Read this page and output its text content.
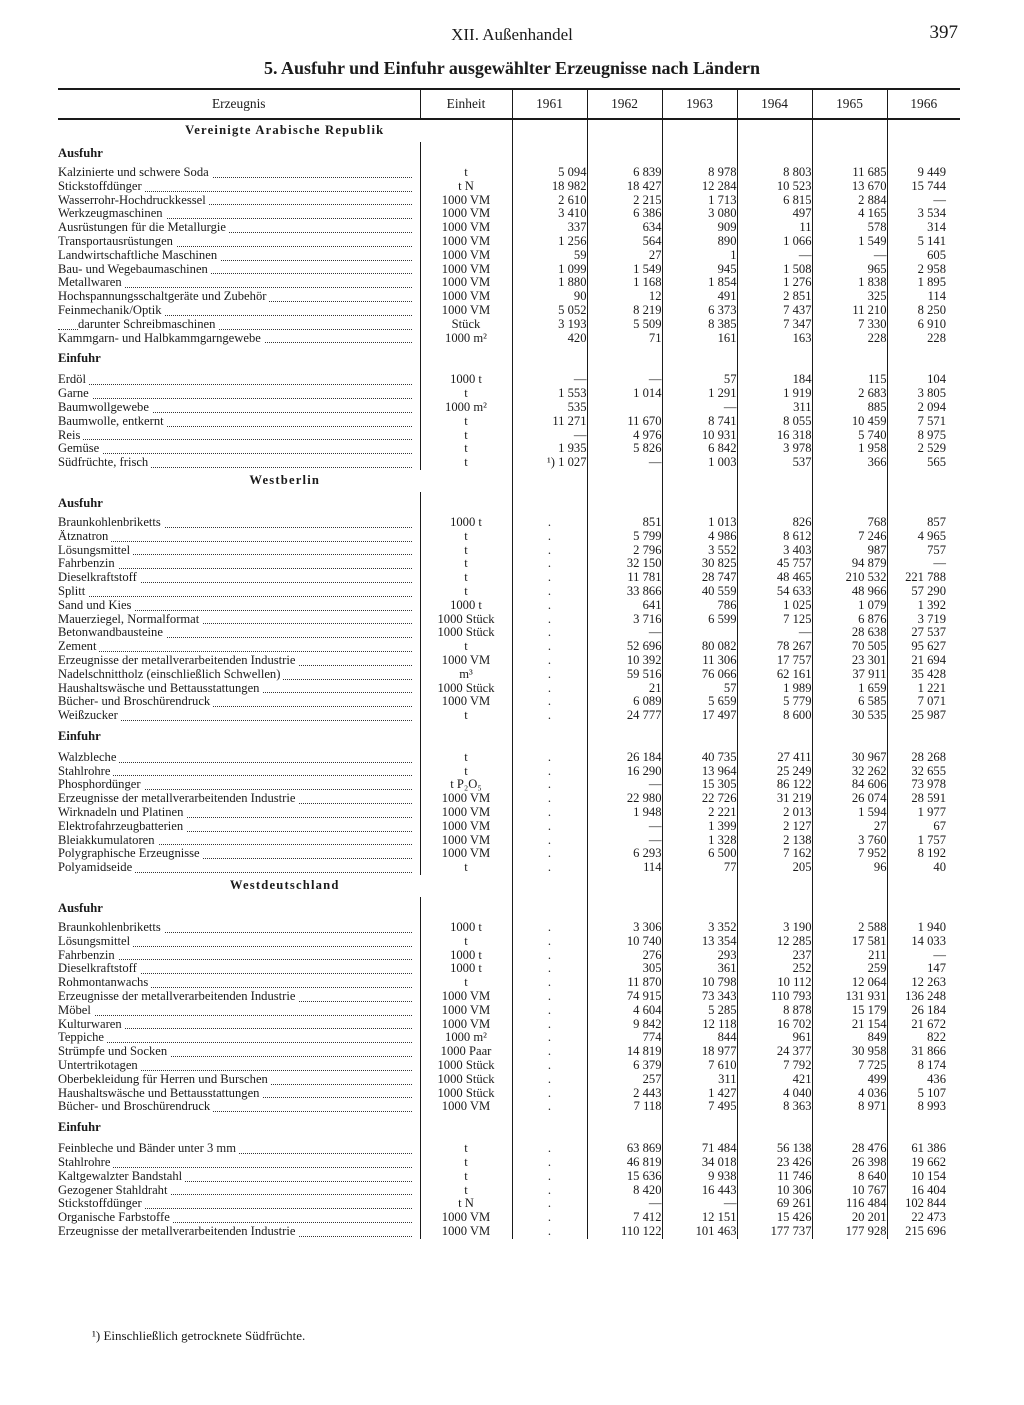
XII. Außenhandel	397
5. Ausfuhr und Einfuhr ausgewählter Erzeugnisse nach Ländern
Erzeugnis	Einheit	1961	1962	1963	1964	1965	1966
Vereinigte Arabische Republik							
Ausfuhr							

Kalzinierte und schwere Soda	t	5 094	6 839	8 978	8 803	11 685	9 449

Stickstoffdünger	t N	18 982	18 427	12 284	10 523	13 670	15 744

Wasserrohr-Hochdruckkessel	1000 VM	2 610	2 215	1 713	6 815	2 884	—

Werkzeugmaschinen	1000 VM	3 410	6 386	3 080	497	4 165	3 534

Ausrüstungen für die Metallurgie	1000 VM	337	634	909	11	578	314

Transportausrüstungen	1000 VM	1 256	564	890	1 066	1 549	5 141

Landwirtschaftliche Maschinen	1000 VM	59	27	1	—	—	605

Bau- und Wegebaumaschinen	1000 VM	1 099	1 549	945	1 508	965	2 958

Metallwaren	1000 VM	1 880	1 168	1 854	1 276	1 838	1 895

Hochspannungsschaltgeräte und Zubehör	1000 VM	90	12	491	2 851	325	114

Feinmechanik/Optik	1000 VM	5 052	8 219	6 373	7 437	11 210	8 250

darunter Schreibmaschinen	Stück	3 193	5 509	8 385	7 347	7 330	6 910

Kammgarn- und Halbkammgarngewebe	1000 m²	420	71	161	163	228	228
Einfuhr							

Erdöl	1000 t	—	—	57	184	115	104

Garne	t	1 553	1 014	1 291	1 919	2 683	3 805

Baumwollgewebe	1000 m²	535		—	311	885	2 094

Baumwolle, entkernt	t	11 271	11 670	8 741	8 055	10 459	7 571

Reis	t	—	4 976	10 931	16 318	5 740	8 975

Gemüse	t	1 935	5 826	6 842	3 978	1 958	2 529

Südfrüchte, frisch	t	¹) 1 027	—	1 003	537	366	565
Westberlin							
Ausfuhr							

Braunkohlenbriketts	1000 t	.	851	1 013	826	768	857

Ätznatron	t	.	5 799	4 986	8 612	7 246	4 965

Lösungsmittel	t	.	2 796	3 552	3 403	987	757

Fahrbenzin	t	.	32 150	30 825	45 757	94 879	—

Dieselkraftstoff	t	.	11 781	28 747	48 465	210 532	221 788

Splitt	t	.	33 866	40 559	54 633	48 966	57 290

Sand und Kies	1000 t	.	641	786	1 025	1 079	1 392

Mauerziegel, Normalformat	1000 Stück	.	3 716	6 599	7 125	6 876	3 719

Betonwandbausteine	1000 Stück	.	—		—	28 638	27 537

Zement	t	.	52 696	80 082	78 267	70 505	95 627

Erzeugnisse der metallverarbeitenden Industrie	1000 VM	.	10 392	11 306	17 757	23 301	21 694

Nadelschnittholz (einschließlich Schwellen)	m³	.	59 516	76 066	62 161	37 911	35 428

Haushaltswäsche und Bettausstattungen	1000 Stück	.	21	57	1 989	1 659	1 221

Bücher- und Broschürendruck	1000 VM	.	6 089	5 659	5 779	6 585	7 071

Weißzucker	t	.	24 777	17 497	8 600	30 535	25 987
Einfuhr							

Walzbleche	t	.	26 184	40 735	27 411	30 967	28 268

Stahlrohre	t	.	16 290	13 964	25 249	32 262	32 655

Phosphordünger	t P₂O₅	.	—	15 305	86 122	84 606	73 978

Erzeugnisse der metallverarbeitenden Industrie	1000 VM	.	22 980	22 726	31 219	26 074	28 591

Wirknadeln und Platinen	1000 VM	.	1 948	2 221	2 013	1 594	1 977

Elektrofahrzeugbatterien	1000 VM	.	—	1 399	2 127	27	67

Bleiakkumulatoren	1000 VM	.	—	1 328	2 138	3 760	1 757

Polygraphische Erzeugnisse	1000 VM	.	6 293	6 500	7 162	7 952	8 192

Polyamidseide	t	.	114	77	205	96	40
Westdeutschland							
Ausfuhr							

Braunkohlenbriketts	1000 t	.	3 306	3 352	3 190	2 588	1 940

Lösungsmittel	t	.	10 740	13 354	12 285	17 581	14 033

Fahrbenzin	1000 t	.	276	293	237	211	—

Dieselkraftstoff	1000 t	.	305	361	252	259	147

Rohmontanwachs	t	.	11 870	10 798	10 112	12 064	12 263

Erzeugnisse der metallverarbeitenden Industrie	1000 VM	.	74 915	73 343	110 793	131 931	136 248

Möbel	1000 VM	.	4 604	5 285	8 878	15 179	26 184

Kulturwaren	1000 VM	.	9 842	12 118	16 702	21 154	21 672

Teppiche	1000 m²	.	774	844	961	849	822

Strümpfe und Socken	1000 Paar	.	14 819	18 977	24 377	30 958	31 866

Untertrikotagen	1000 Stück	.	6 379	7 610	7 792	7 725	8 174

Oberbekleidung für Herren und Burschen	1000 Stück	.	257	311	421	499	436

Haushaltswäsche und Bettausstattungen	1000 Stück	.	2 443	1 427	4 040	4 036	5 107

Bücher- und Broschürendruck	1000 VM	.	7 118	7 495	8 363	8 971	8 993
Einfuhr							

Feinbleche und Bänder unter 3 mm	t	.	63 869	71 484	56 138	28 476	61 386

Stahlrohre	t	.	46 819	34 018	23 426	26 398	19 662

Kaltgewalzter Bandstahl	t	.	15 636	9 938	11 746	8 640	10 154

Gezogener Stahldraht	t	.	8 420	16 443	10 306	10 767	16 404

Stickstoffdünger	t N	.	—	—	69 261	116 484	102 844

Organische Farbstoffe	1000 VM	.	7 412	12 151	15 426	20 201	22 473

Erzeugnisse der metallverarbeitenden Industrie	1000 VM	.	110 122	101 463	177 737	177 928	215 696
¹) Einschließlich getrocknete Südfrüchte.
